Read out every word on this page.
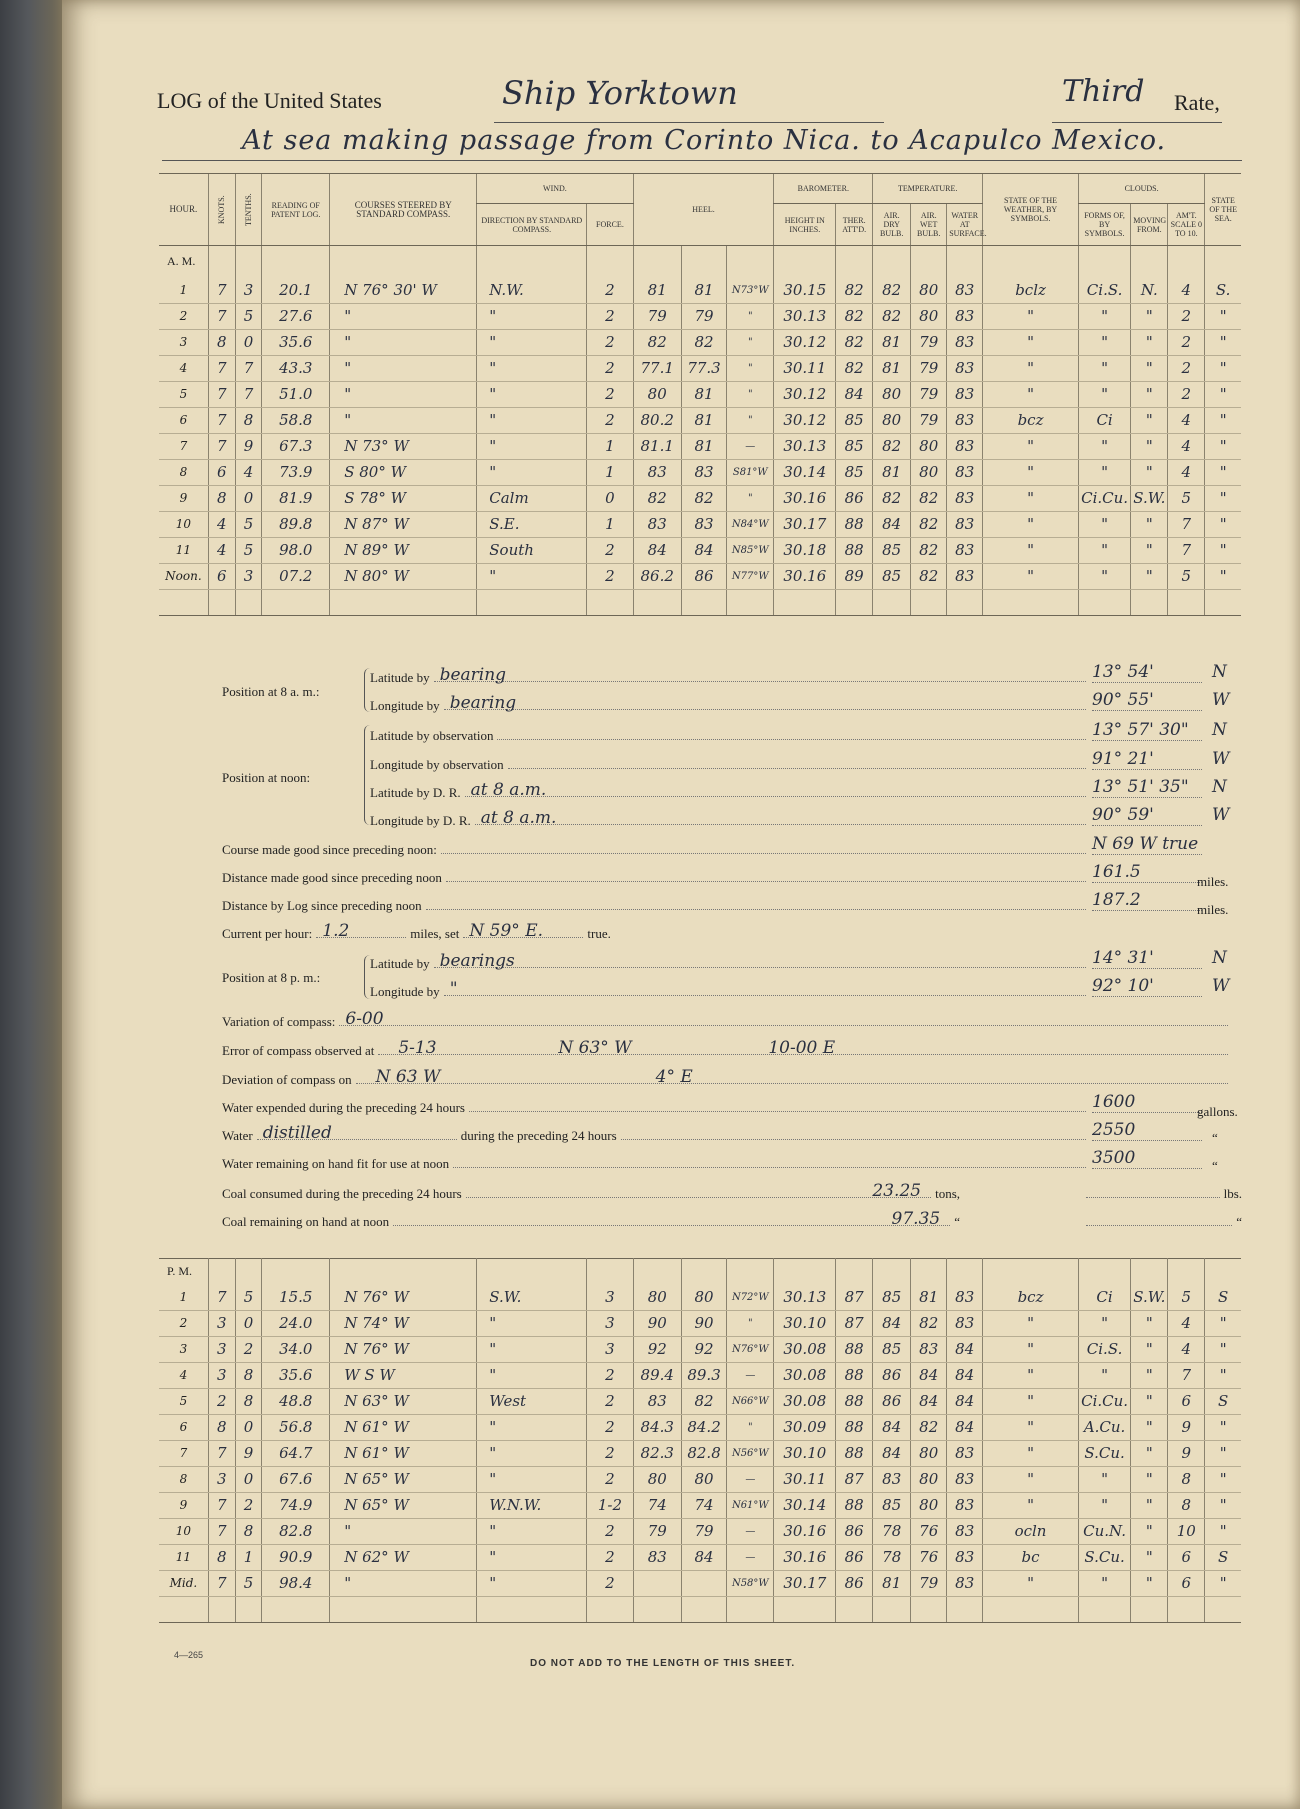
LOG of the United States	Ship Yorktown	Third Rate,
At sea making passage from Corinto Nica. to Acapulco Mexico.
HOUR.	KNOTS.	TENTHS.	READING OF PATENT LOG.	COURSES STEERED BY STANDARD COMPASS.	WIND.		HEEL.			BAROMETER.		TEMPERATURE.			STATE OF THE WEATHER, BY SYMBOLS.	CLOUDS.			STATE OF THE SEA.
					DIRECTION BY STANDARD COMPASS.	FORCE.				HEIGHT IN INCHES.	THER. ATT'D.	AIR. DRY BULB.	AIR. WET BULB.	WATER AT SURFACE.		FORMS OF, BY SYMBOLS.	MOVING FROM.	AM'T. SCALE 0 TO 10.	
A. M.																			
1	7	3	20.1	N 76° 30' W	N.W.	2	81	81	N73°W	30.15	82	82	80	83	bclz	Ci.S.	N.	4	S.
2	7	5	27.6	"	"	2	79	79	"	30.13	82	82	80	83	"	"	"	2	"
3	8	0	35.6	"	"	2	82	82	"	30.12	82	81	79	83	"	"	"	2	"
4	7	7	43.3	"	"	2	77.1	77.3	"	30.11	82	81	79	83	"	"	"	2	"
5	7	7	51.0	"	"	2	80	81	"	30.12	84	80	79	83	"	"	"	2	"
6	7	8	58.8	"	"	2	80.2	81	"	30.12	85	80	79	83	bcz	Ci	"	4	"
7	7	9	67.3	N 73° W	"	1	81.1	81	—	30.13	85	82	80	83	"	"	"	4	"
8	6	4	73.9	S 80° W	"	1	83	83	S81°W	30.14	85	81	80	83	"	"	"	4	"
9	8	0	81.9	S 78° W	Calm	0	82	82	"	30.16	86	82	82	83	"	Ci.Cu.	S.W.	5	"
10	4	5	89.8	N 87° W	S.E.	1	83	83	N84°W	30.17	88	84	82	83	"	"	"	7	"
11	4	5	98.0	N 89° W	South	2	84	84	N85°W	30.18	88	85	82	83	"	"	"	7	"
Noon.	6	3	07.2	N 80° W	"	2	86.2	86	N77°W	30.16	89	85	82	83	"	"	"	5	"

Position at 8 a. m.:
Latitude by bearing	13° 54'	N
Longitude by bearing	90° 55'	W
Position at noon:
Latitude by observation	13° 57' 30"	N
Longitude by observation	91° 21'	W
Latitude by D. R. at 8 a.m.	13° 51' 35"	N
Longitude by D. R. at 8 a.m.	90° 59'	W
Course made good since preceding noon:	N 69 W true
Distance made good since preceding noon	161.5	miles.
Distance by Log since preceding noon	187.2	miles.
Current per hour: 1.2	miles, set N 59° E.	true.
Position at 8 p. m.:
Latitude by bearings	14° 31'	N
Longitude by "	92° 10'	W
Variation of compass: 6-00
Error of compass observed at 5-13	N 63° W	10-00 E
Deviation of compass on N 63 W	4° E
Water expended during the preceding 24 hours	1600	gallons.
Water distilled	during the preceding 24 hours	2550	“
Water remaining on hand fit for use at noon	3500	“
Coal consumed during the preceding 24 hours	23.25 tons,	lbs.
Coal remaining on hand at noon	97.35 “	“
P. M.																			
1	7	5	15.5	N 76° W	S.W.	3	80	80	N72°W	30.13	87	85	81	83	bcz	Ci	S.W.	5	S
2	3	0	24.0	N 74° W	"	3	90	90	"	30.10	87	84	82	83	"	"	"	4	"
3	3	2	34.0	N 76° W	"	3	92	92	N76°W	30.08	88	85	83	84	"	Ci.S.	"	4	"
4	3	8	35.6	W S W	"	2	89.4	89.3	—	30.08	88	86	84	84	"	"	"	7	"
5	2	8	48.8	N 63° W	West	2	83	82	N66°W	30.08	88	86	84	84	"	Ci.Cu.	"	6	S
6	8	0	56.8	N 61° W	"	2	84.3	84.2	"	30.09	88	84	82	84	"	A.Cu.	"	9	"
7	7	9	64.7	N 61° W	"	2	82.3	82.8	N56°W	30.10	88	84	80	83	"	S.Cu.	"	9	"
8	3	0	67.6	N 65° W	"	2	80	80	—	30.11	87	83	80	83	"	"	"	8	"
9	7	2	74.9	N 65° W	W.N.W.	1-2	74	74	N61°W	30.14	88	85	80	83	"	"	"	8	"
10	7	8	82.8	"	"	2	79	79	—	30.16	86	78	76	83	ocln	Cu.N.	"	10	"
11	8	1	90.9	N 62° W	"	2	83	84	—	30.16	86	78	76	83	bc	S.Cu.	"	6	S
Mid.	7	5	98.4	"	"	2			N58°W	30.17	86	81	79	83	"	"	"	6	"

4—265
DO NOT ADD TO THE LENGTH OF THIS SHEET.
